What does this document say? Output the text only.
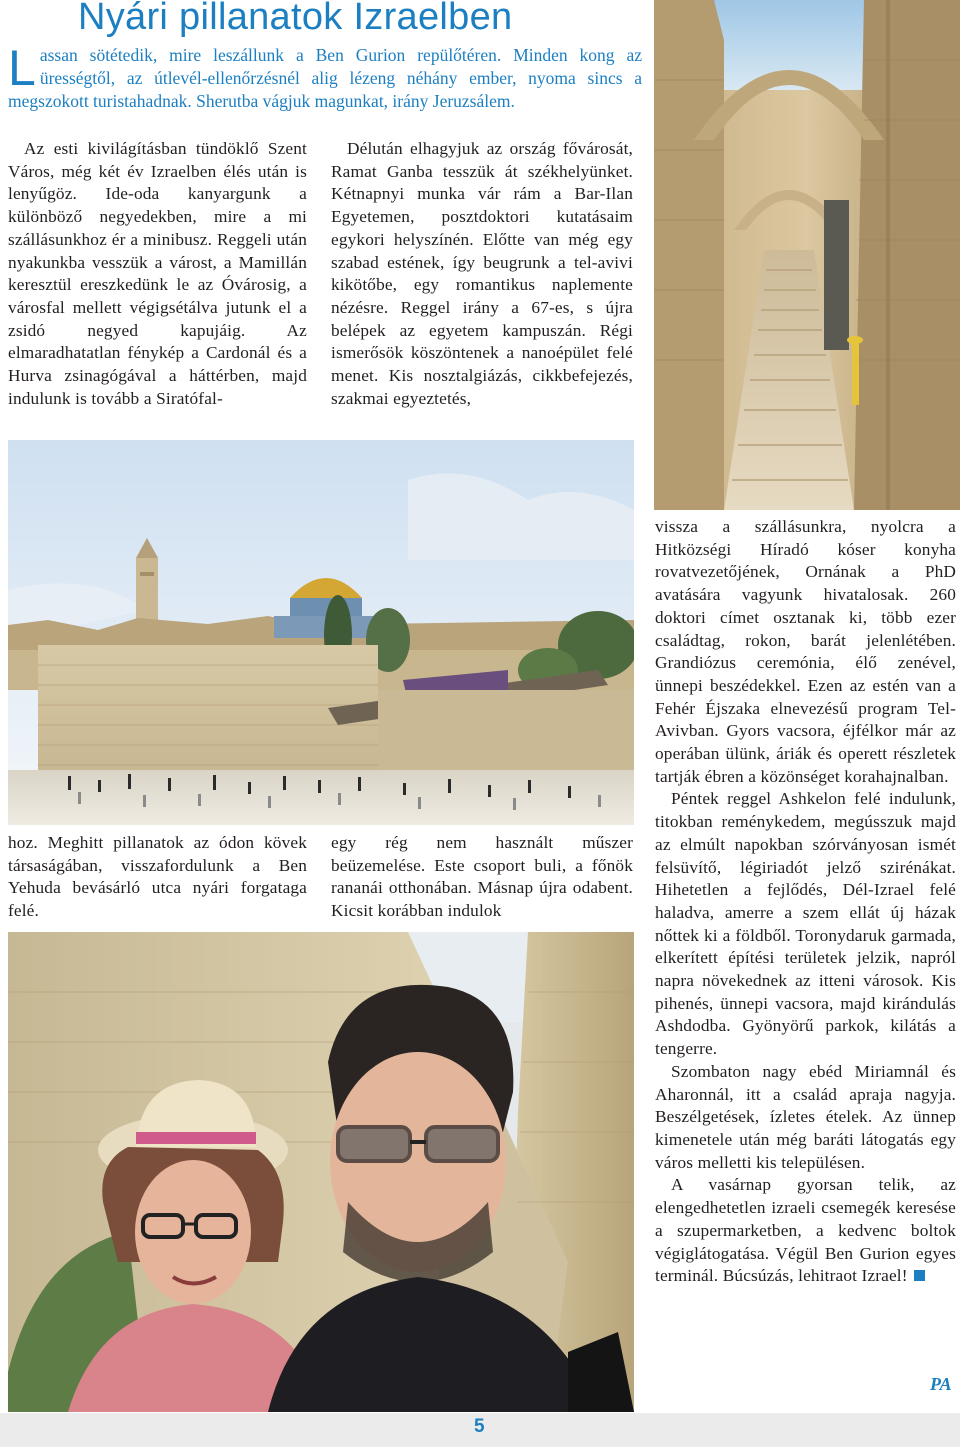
Nyári pillanatok Izraelben

Lassan sötétedik, mire leszállunk a Ben Gurion repülőtéren. Minden kong az ürességtől, az útlevél-ellenőrzésnél alig lézeng néhány ember, nyoma sincs a megszokott turistahadnak. Sherutba vágjuk magunkat, irány Jeruzsálem.

Az esti kivilágításban tündöklő Szent Város, még két év Izraelben élés után is lenyűgöz. Ide-oda kanyargunk a különböző negyedekben, mire a mi szállásunkhoz ér a minibusz. Reggeli után nyakunkba vesszük a várost, a Mamillán keresztül ereszkedünk le az Óvárosig, a városfal mellett végigsétálva jutunk el a zsidó negyed kapujáig. Az elmaradhatatlan fénykép a Cardonál és a Hurva zsinagógával a háttérben, majd indulunk is tovább a Siratófal-

Délután elhagyjuk az ország fővárosát, Ramat Ganba tesszük át székhelyünket. Kétnapnyi munka vár rám a Bar-Ilan Egyetemen, posztdoktori kutatásaim egykori helyszínén. Előtte van még egy szabad estének, így beugrunk a tel-avivi kikötőbe, egy romantikus naplemente nézésre. Reggel irány a 67-es, s újra belépek az egyetem kampuszán. Régi ismerősök köszöntenek a nanoépület felé menet. Kis nosztalgiázás, cikkbefejezés, szakmai egyeztetés,

hoz. Meghitt pillanatok az ódon kövek társaságában, visszafordulunk a Ben Yehuda bevásárló utca nyári forgataga felé.

egy rég nem használt műszer beüzemelése. Este csoport buli, a főnök rananái otthonában. Másnap újra odabent. Kicsit korábban indulok

vissza a szállásunkra, nyolcra a Hitközségi Híradó kóser konyha rovatvezetőjének, Ornának a PhD avatására vagyunk hivatalosak. 260 doktori címet osztanak ki, több ezer családtag, rokon, barát jelenlétében. Grandiózus ceremónia, élő zenével, ünnepi beszédekkel. Ezen az estén van a Fehér Éjszaka elnevezésű program Tel-Avivban. Gyors vacsora, éjfélkor már az operában ülünk, áriák és operett részletek tartják ébren a közönséget korahajnalban.

Péntek reggel Ashkelon felé indulunk, titokban reménykedem, megússzuk majd az elmúlt napokban szórványosan ismét felsüvítő, légiriadót jelző szirénákat. Hihetetlen a fejlődés, Dél-Izrael felé haladva, amerre a szem ellát új házak nőttek ki a földből. Toronydaruk garmada, elkerített építési területek jelzik, napról napra növekednek az itteni városok. Kis pihenés, ünnepi vacsora, majd kirándulás Ashdodba. Gyönyörű parkok, kilátás a tengerre.

Szombaton nagy ebéd Miriamnál és Aharonnál, itt a család apraja nagyja. Beszélgetések, ízletes ételek. Az ünnep kimenetele után még baráti látogatás egy város melletti kis településen.

A vasárnap gyorsan telik, az elengedhetetlen izraeli csemegék keresése a szupermarketben, a kedvenc boltok végiglátogatása. Végül Ben Gurion egyes terminál. Búcsúzás, lehitraot Izrael!

PA
5
